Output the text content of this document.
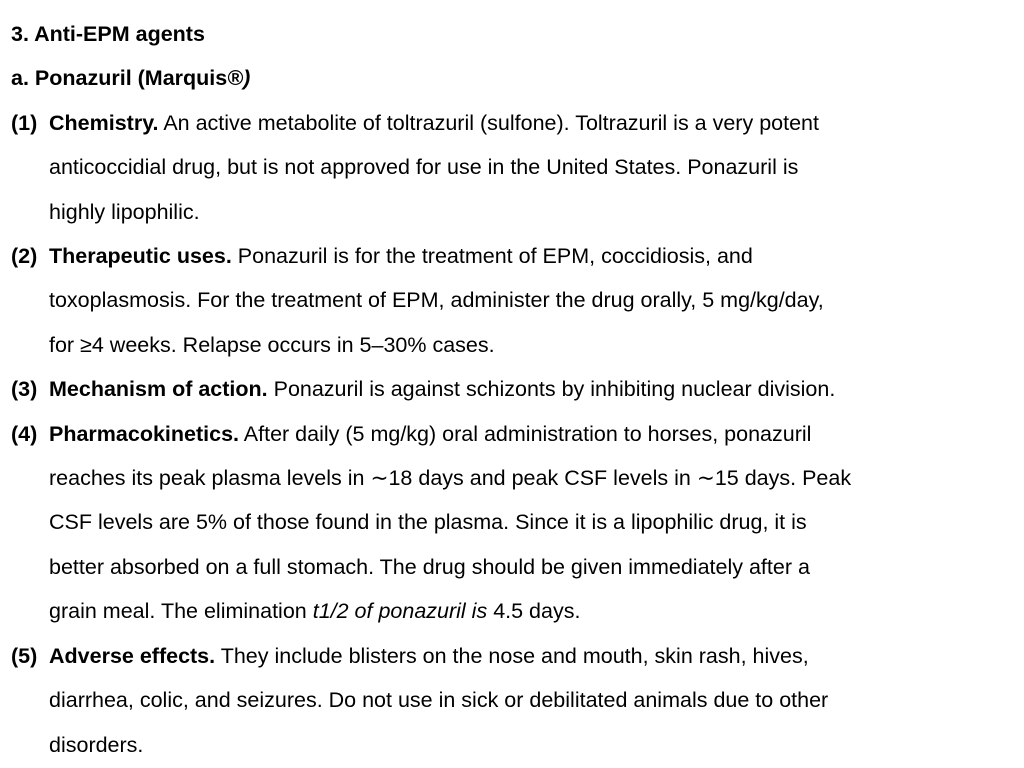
3. Anti-EPM agents
a. Ponazuril (Marquis®)
(1) Chemistry. An active metabolite of toltrazuril (sulfone). Toltrazuril is a very potent
anticoccidial drug, but is not approved for use in the United States. Ponazuril is
highly lipophilic.
(2) Therapeutic uses. Ponazuril is for the treatment of EPM, coccidiosis, and
toxoplasmosis. For the treatment of EPM, administer the drug orally, 5 mg/kg/day,
for ≥4 weeks. Relapse occurs in 5–30% cases.
(3) Mechanism of action. Ponazuril is against schizonts by inhibiting nuclear division.
(4) Pharmacokinetics. After daily (5 mg/kg) oral administration to horses, ponazuril
reaches its peak plasma levels in ∼18 days and peak CSF levels in ∼15 days. Peak
CSF levels are 5% of those found in the plasma. Since it is a lipophilic drug, it is
better absorbed on a full stomach. The drug should be given immediately after a
grain meal. The elimination t1/2 of ponazuril is 4.5 days.
(5) Adverse effects. They include blisters on the nose and mouth, skin rash, hives,
diarrhea, colic, and seizures. Do not use in sick or debilitated animals due to other
disorders.
